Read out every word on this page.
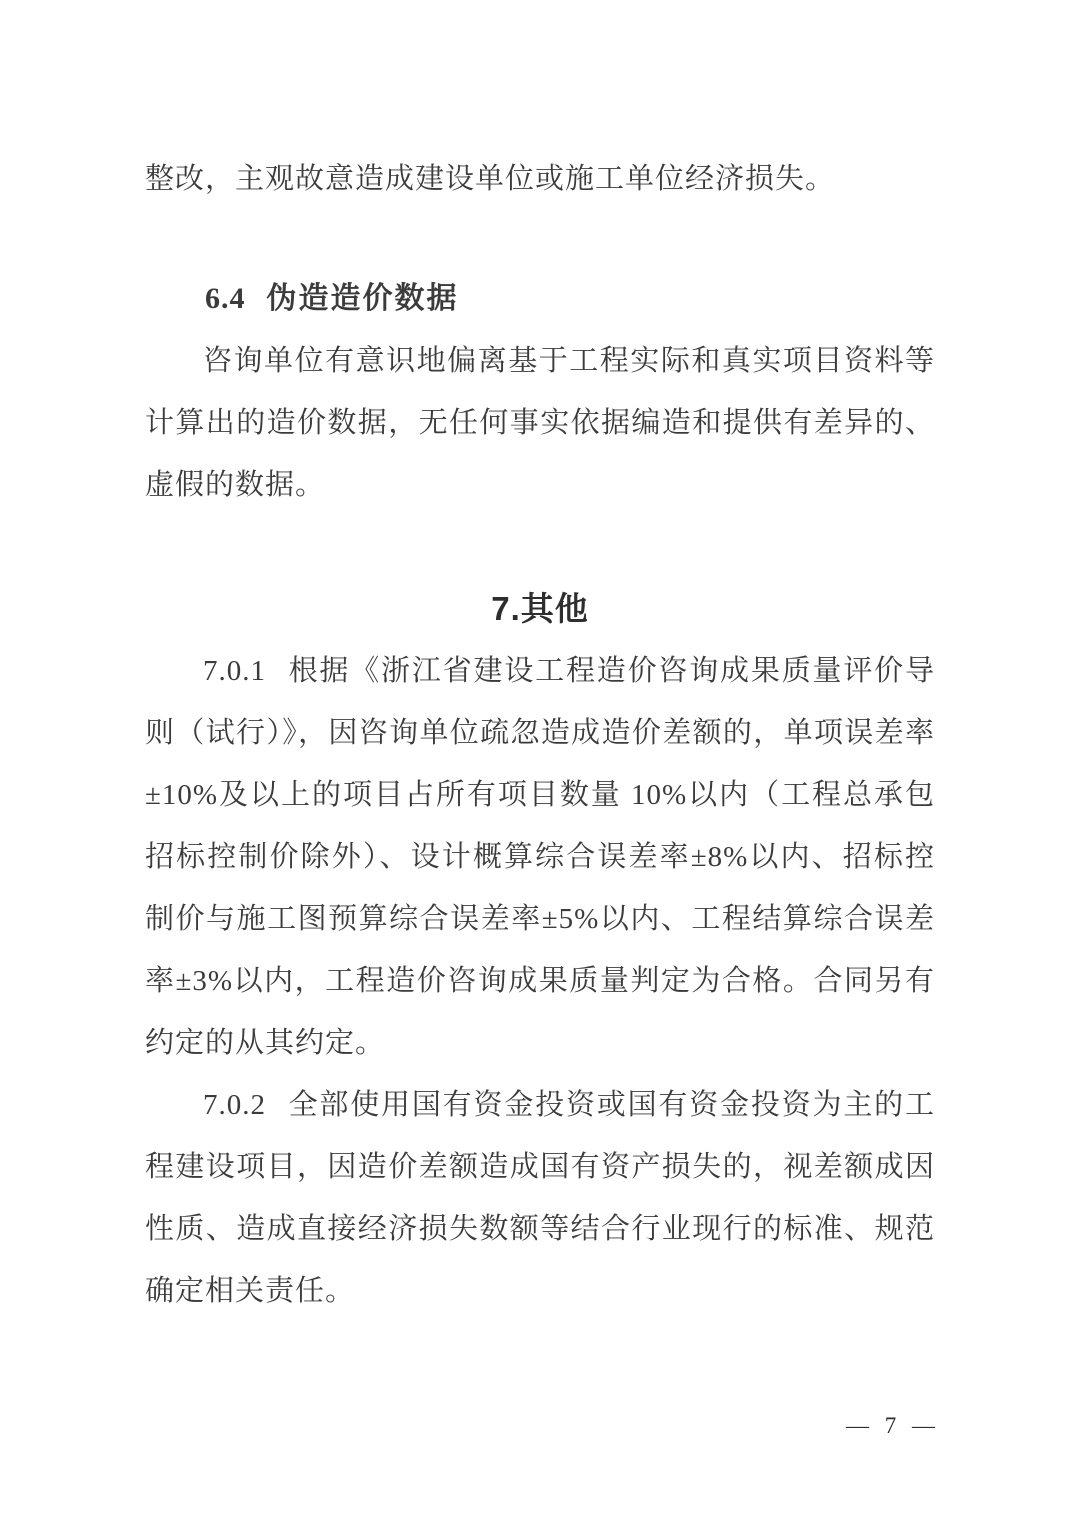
整改，主观故意造成建设单位或施工单位经济损失。

6.4 伪造造价数据

咨询单位有意识地偏离基于工程实际和真实项目资料等计算出的造价数据，无任何事实依据编造和提供有差异的、虚假的数据。

7.其他

7.0.1 根据《浙江省建设工程造价咨询成果质量评价导则（试行）》，因咨询单位疏忽造成造价差额的，单项误差率±10%及以上的项目占所有项目数量 10%以内（工程总承包招标控制价除外）、设计概算综合误差率±8%以内、招标控制价与施工图预算综合误差率±5%以内、工程结算综合误差率±3%以内，工程造价咨询成果质量判定为合格。合同另有约定的从其约定。

7.0.2 全部使用国有资金投资或国有资金投资为主的工程建设项目，因造价差额造成国有资产损失的，视差额成因性质、造成直接经济损失数额等结合行业现行的标准、规范确定相关责任。

— 7 —
